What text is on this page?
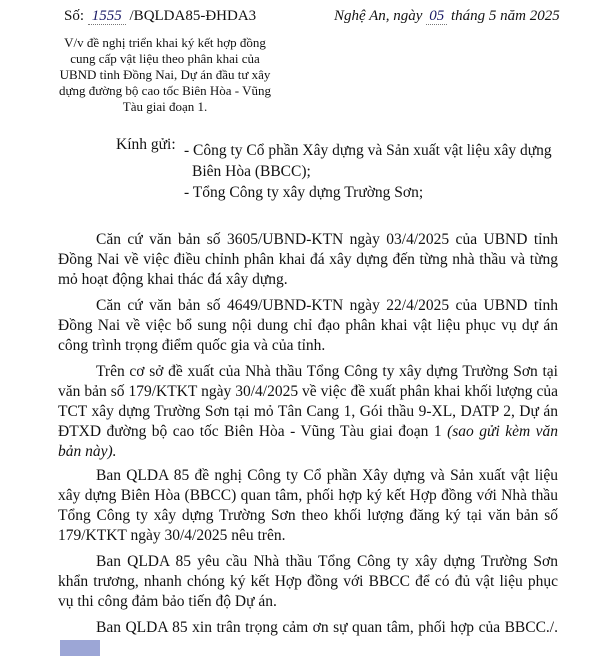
Số: 1555 /BQLDA85-ĐHDA3	Nghệ An, ngày 05 tháng 5 năm 2025
V/v đề nghị triển khai ký kết hợp đồng cung cấp vật liệu theo phân khai của UBND tỉnh Đồng Nai, Dự án đầu tư xây dựng đường bộ cao tốc Biên Hòa - Vũng Tàu giai đoạn 1.
Kính gửi: - Công ty Cổ phần Xây dựng và Sản xuất vật liệu xây dựng Biên Hòa (BBCC);

- Tổng Công ty xây dựng Trường Sơn;

Căn cứ văn bản số 3605/UBND-KTN ngày 03/4/2025 của UBND tỉnh Đồng Nai về việc điều chỉnh phân khai đá xây dựng đến từng nhà thầu và từng mỏ hoạt động khai thác đá xây dựng.

Căn cứ văn bản số 4649/UBND-KTN ngày 22/4/2025 của UBND tỉnh Đồng Nai về việc bổ sung nội dung chỉ đạo phân khai vật liệu phục vụ dự án công trình trọng điểm quốc gia và của tỉnh.

Trên cơ sở đề xuất của Nhà thầu Tổng Công ty xây dựng Trường Sơn tại văn bản số 179/KTKT ngày 30/4/2025 về việc đề xuất phân khai khối lượng của TCT xây dựng Trường Sơn tại mỏ Tân Cang 1, Gói thầu 9-XL, DATP 2, Dự án ĐTXD đường bộ cao tốc Biên Hòa - Vũng Tàu giai đoạn 1 (sao gửi kèm văn bản này).

Ban QLDA 85 đề nghị Công ty Cổ phần Xây dựng và Sản xuất vật liệu xây dựng Biên Hòa (BBCC) quan tâm, phối hợp ký kết Hợp đồng với Nhà thầu Tổng Công ty xây dựng Trường Sơn theo khối lượng đăng ký tại văn bản số 179/KTKT ngày 30/4/2025 nêu trên.

Ban QLDA 85 yêu cầu Nhà thầu Tổng Công ty xây dựng Trường Sơn khẩn trương, nhanh chóng ký kết Hợp đồng với BBCC để có đủ vật liệu phục vụ thi công đảm bảo tiến độ Dự án.

Ban QLDA 85 xin trân trọng cảm ơn sự quan tâm, phối hợp của BBCC./.
